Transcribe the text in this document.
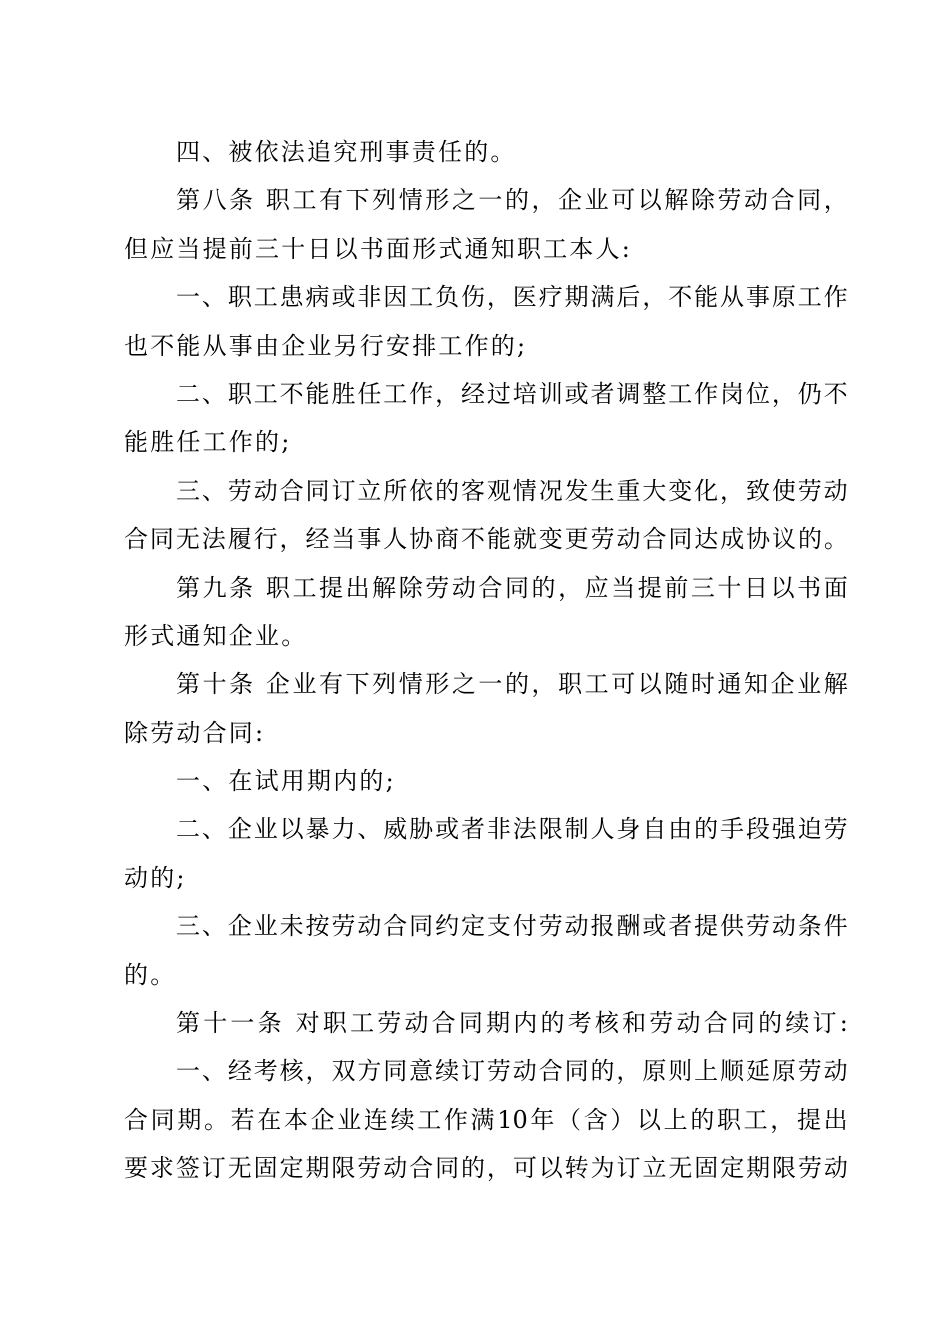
四、被依法追究刑事责任的。
第 八 条
职 工 有 下 列 情 形 之 一 的 ， 企 业 可 以 解 除 劳 动 合 同 ，
但应当提前三十日以书面形式通知职工本人:
一 、 职 工 患 病 或 非 因 工 负 伤 ， 医 疗 期 满 后 ， 不 能 从 事 原 工 作
也不能从事由企业另行安排工作的;
二 、 职 工 不 能 胜 任 工 作 ， 经 过 培 训 或 者 调 整 工 作 岗 位 ， 仍 不
能胜任工作的;
三 、 劳 动 合 同 订 立 所 依 的 客 观 情 况 发 生 重 大 变 化 ， 致 使 劳 动
合 同 无 法 履 行 ， 经 当 事 人 协 商 不 能 就 变 更 劳 动 合 同 达 成 协 议 的 。
第 九 条
职 工 提 出 解 除 劳 动 合 同 的 ， 应 当 提 前 三 十 日 以 书 面
形式通知企业。
第 十 条
企 业 有 下 列 情 形 之 一 的 ， 职 工 可 以 随 时 通 知 企 业 解
除劳动合同:
一、在试用期内的;
二 、 企 业 以 暴 力 、 威 胁 或 者 非 法 限 制 人 身 自 由 的 手 段 强 迫 劳
动的;
三 、 企 业 未 按 劳 动 合 同 约 定 支 付 劳 动 报 酬 或 者 提 供 劳 动 条 件
的。
第 十 一 条
对 职 工 劳 动 合 同 期 内 的 考 核 和 劳 动 合 同 的 续 订 :
一 、 经 考 核 ， 双 方 同 意 续 订 劳 动 合 同 的 ， 原 则 上 顺 延 原 劳 动
合 同 期 。 若 在 本 企 业 连 续 工 作 满 10 年 （ 含 ） 以 上 的 职 工 ， 提 出
要 求 签 订 无 固 定 期 限 劳 动 合 同 的 ， 可 以 转 为 订 立 无 固 定 期 限 劳 动
